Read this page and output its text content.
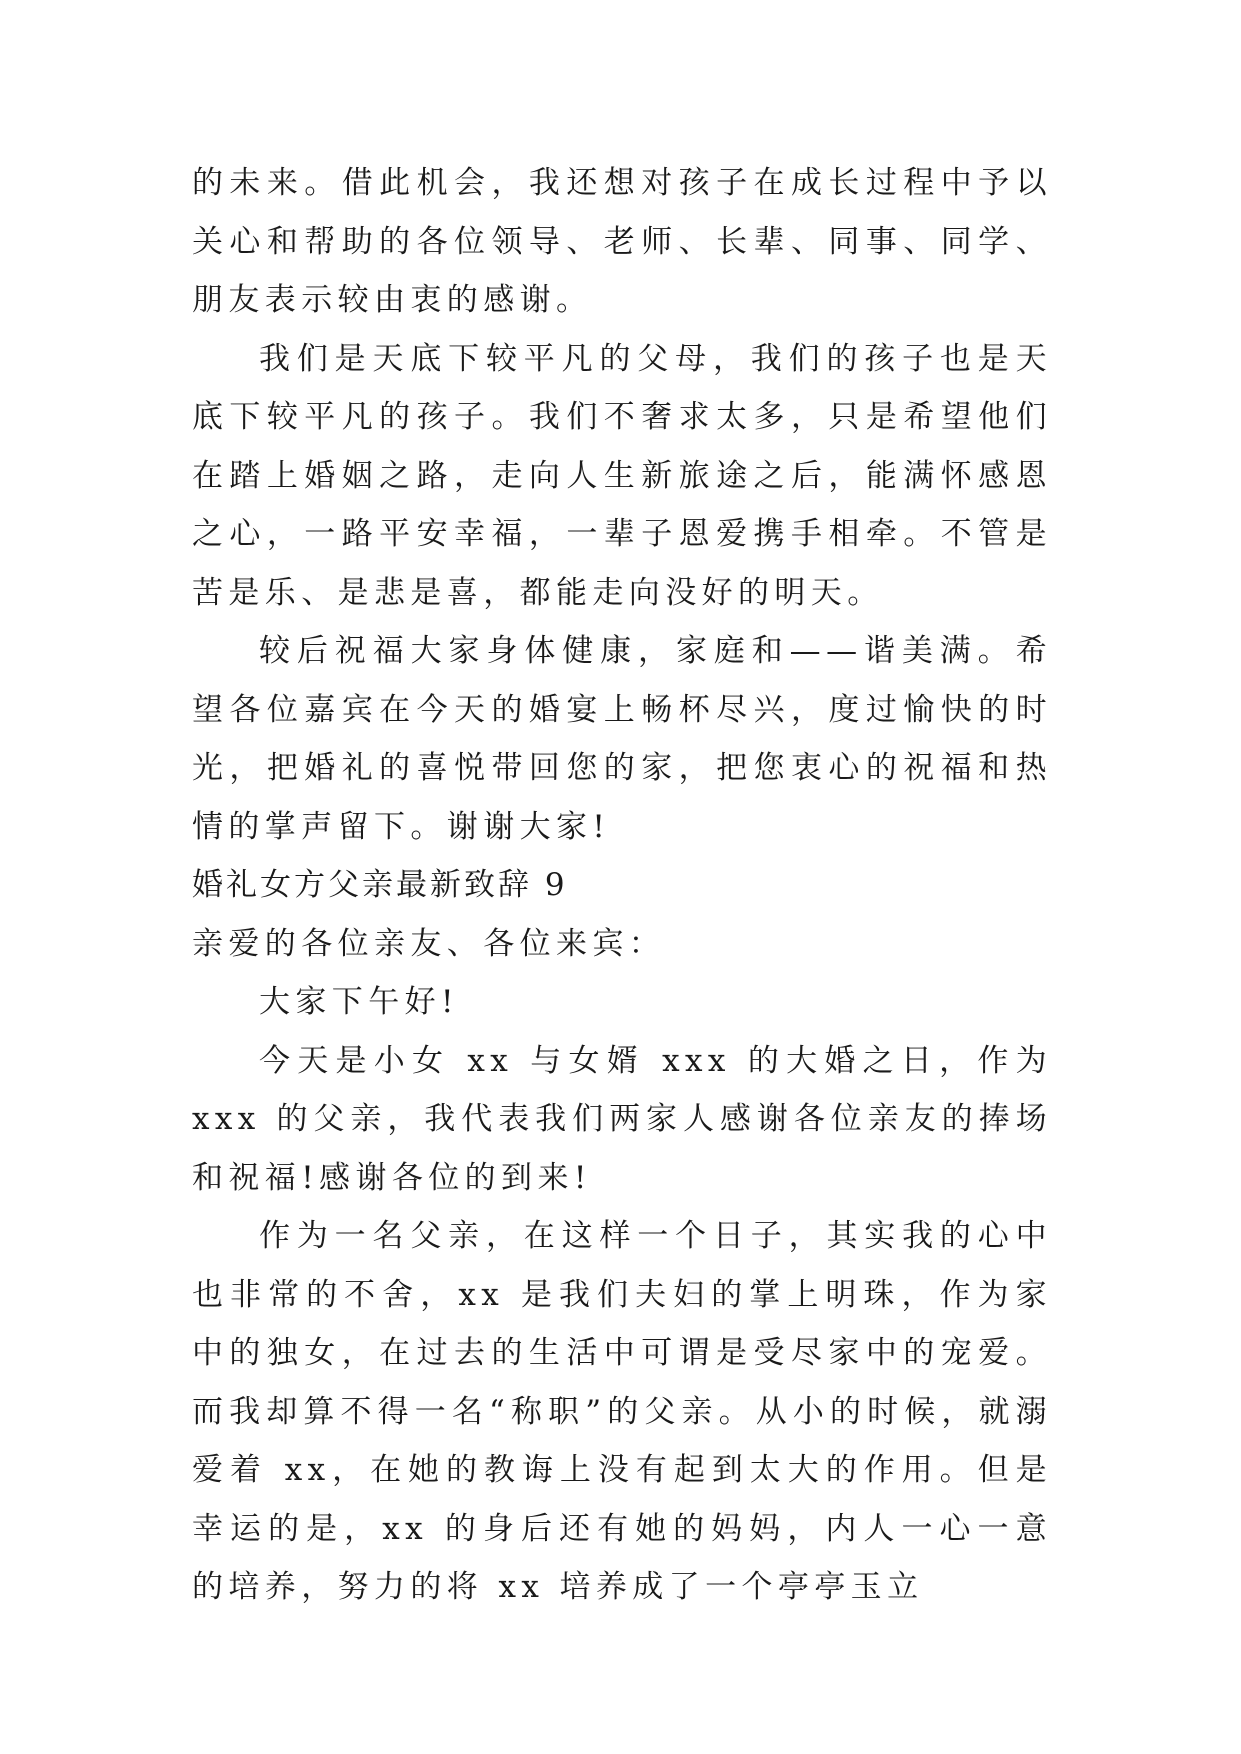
的未来。借此机会，我还想对孩子在成长过程中予以关心和帮助的各位领导、老师、长辈、同事、同学、朋友表示较由衷的感谢。

我们是天底下较平凡的父母，我们的孩子也是天底下较平凡的孩子。我们不奢求太多，只是希望他们在踏上婚姻之路，走向人生新旅途之后，能满怀感恩之心，一路平安幸福，一辈子恩爱携手相牵。不管是苦是乐、是悲是喜，都能走向没好的明天。

较后祝福大家身体健康，家庭和——谐美满。希望各位嘉宾在今天的婚宴上畅杯尽兴，度过愉快的时光，把婚礼的喜悦带回您的家，把您衷心的祝福和热情的掌声留下。谢谢大家!

婚礼女方父亲最新致辞 9

亲爱的各位亲友、各位来宾：

大家下午好!

今天是小女 xx 与女婿 xxx 的大婚之日，作为 xxx 的父亲，我代表我们两家人感谢各位亲友的捧场和祝福!感谢各位的到来!

作为一名父亲，在这样一个日子，其实我的心中也非常的不舍，xx 是我们夫妇的掌上明珠，作为家中的独女，在过去的生活中可谓是受尽家中的宠爱。而我却算不得一名“称职”的父亲。从小的时候，就溺爱着 xx，在她的教诲上没有起到太大的作用。但是幸运的是，xx 的身后还有她的妈妈，内人一心一意的培养，努力的将 xx 培养成了一个亭亭玉立
